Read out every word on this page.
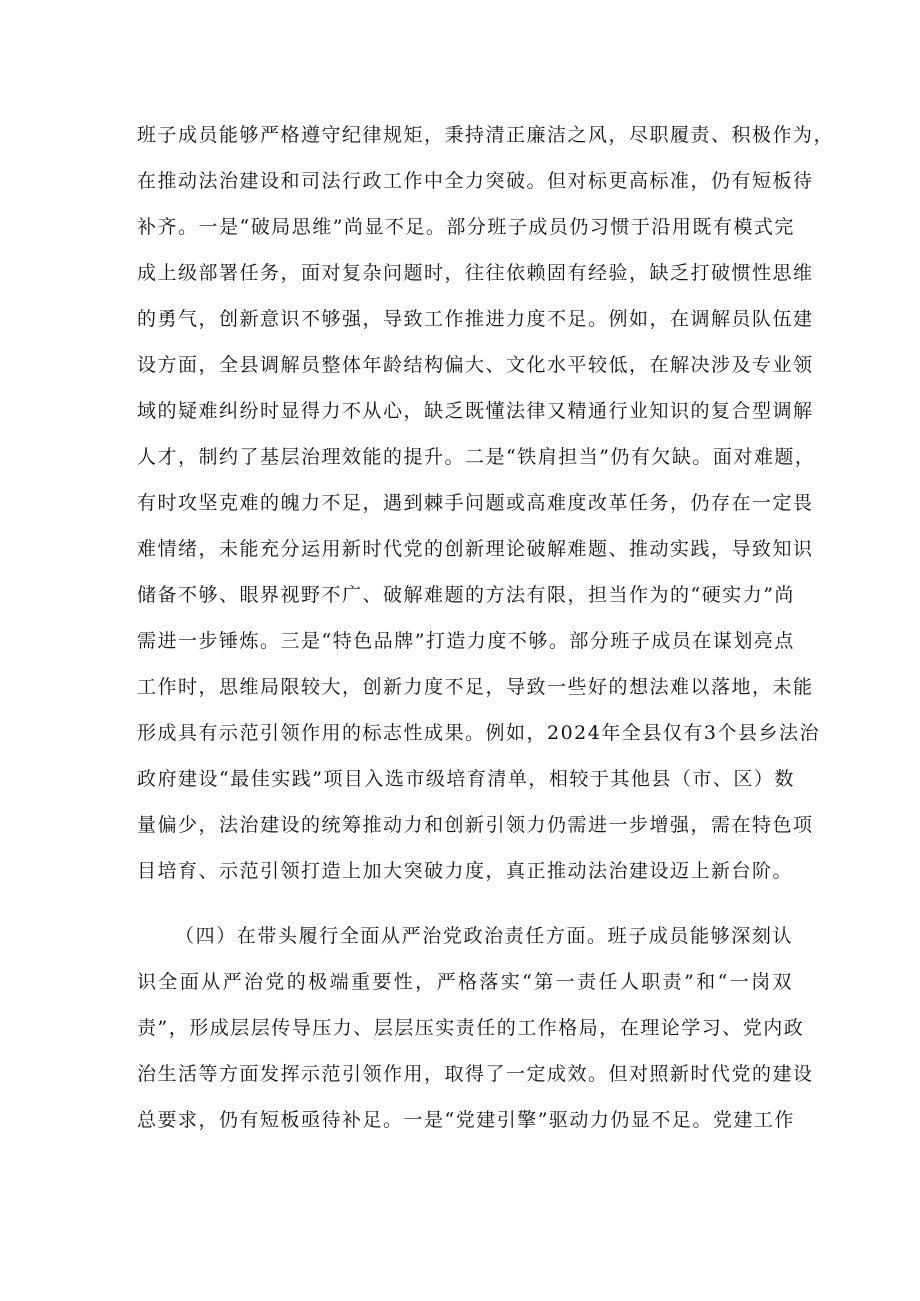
班子成员能够严格遵守纪律规矩，秉持清正廉洁之风，尽职履责、积极作为，
在推动法治建设和司法行政工作中全力突破。但对标更高标准，仍有短板待
补齐。一是“破局思维”尚显不足。部分班子成员仍习惯于沿用既有模式完
成上级部署任务，面对复杂问题时，往往依赖固有经验，缺乏打破惯性思维
的勇气，创新意识不够强，导致工作推进力度不足。例如，在调解员队伍建
设方面，全县调解员整体年龄结构偏大、文化水平较低，在解决涉及专业领
域的疑难纠纷时显得力不从心，缺乏既懂法律又精通行业知识的复合型调解
人才，制约了基层治理效能的提升。二是“铁肩担当”仍有欠缺。面对难题，
有时攻坚克难的魄力不足，遇到棘手问题或高难度改革任务，仍存在一定畏
难情绪，未能充分运用新时代党的创新理论破解难题、推动实践，导致知识
储备不够、眼界视野不广、破解难题的方法有限，担当作为的“硬实力”尚
需进一步锤炼。三是“特色品牌”打造力度不够。部分班子成员在谋划亮点
工作时，思维局限较大，创新力度不足，导致一些好的想法难以落地，未能
形成具有示范引领作用的标志性成果。例如，2024年全县仅有3个县乡法治
政府建设“最佳实践”项目入选市级培育清单，相较于其他县（市、区）数
量偏少，法治建设的统筹推动力和创新引领力仍需进一步增强，需在特色项
目培育、示范引领打造上加大突破力度，真正推动法治建设迈上新台阶。
（四）在带头履行全面从严治党政治责任方面。班子成员能够深刻认
识全面从严治党的极端重要性，严格落实“第一责任人职责”和“一岗双
责”，形成层层传导压力、层层压实责任的工作格局，在理论学习、党内政
治生活等方面发挥示范引领作用，取得了一定成效。但对照新时代党的建设
总要求，仍有短板亟待补足。一是“党建引擎”驱动力仍显不足。党建工作
